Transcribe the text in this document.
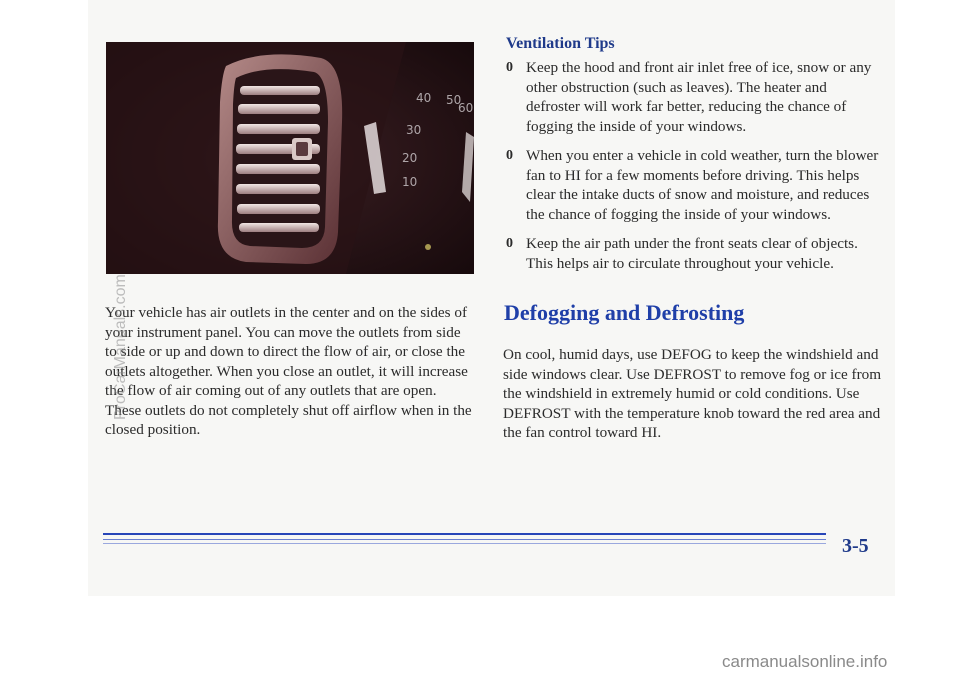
40 50
60
30
20
10

Your vehicle has air outlets in the center and on the sides of your instrument panel. You can move the outlets from side to side or up and down to direct the flow of air, or close the outlets altogether. When you close an outlet, it will increase the flow of air coming out of any outlets that are open. These outlets do not completely shut off airflow when in the closed position.

Ventilation Tips
0 Keep the hood and front air inlet free of ice, snow or any other obstruction (such as leaves). The heater and defroster will work far better, reducing the chance of fogging the inside of your windows.
0 When you enter a vehicle in cold weather, turn the blower fan to HI for a few moments before driving. This helps clear the intake ducts of snow and moisture, and reduces the chance of fogging the inside of your windows.
0 Keep the air path under the front seats clear of objects. This helps air to circulate throughout your vehicle.
Defogging and Defrosting

On cool, humid days, use DEFOG to keep the windshield and side windows clear. Use DEFROST to remove fog or ice from the windshield in extremely humid or cold conditions. Use DEFROST with the temperature knob toward the red area and the fan control toward HI.

3-5
ProCarManuals.com
carmanualsonline.info
